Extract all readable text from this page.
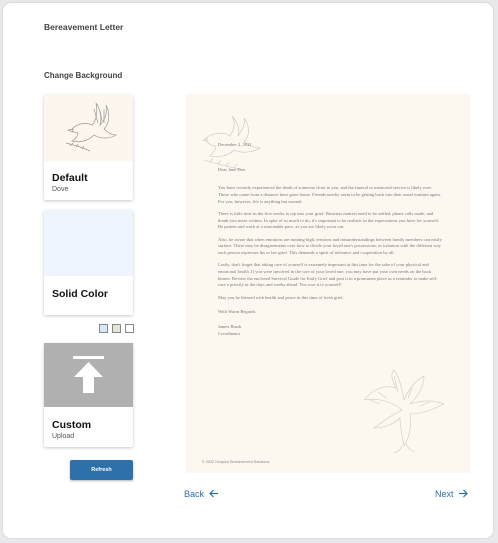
Bereavement Letter
Change Background
Default
Dove
Solid Color
Custom
Upload
Refresh

December 2, 2021

Dear Jane Doe,

You have recently experienced the death of someone close to you, and the funeral or memorial service is likely over. Those who came from a distance have gone home. Friends nearby seem to be getting back into their usual routines again. For you, however, life is anything but normal.

There is little time in the first weeks to tap into your grief. Business matters need to be settled, phone calls made, and thank-you notes written. In spite of so much to do, it's important to be realistic in the expectations you have for yourself. Be patient and work at a reasonable pace, as you are likely worn out.

Also, be aware that when emotions are running high, tensions and misunderstandings between family members can easily surface. There may be disagreements over how to divide your loved one's possessions, or irritation with the different way each person expresses his or her grief. This demands a spirit of tolerance and cooperation by all.

Lastly, don't forget that taking care of yourself is extremely important at this time for the sake of your physical and emotional health. If you were involved in the care of your loved one, you may have put your own needs on the back burner. Review the enclosed Survival Guide for Early Grief and post it in a prominent place as a reminder to make self-care a priority in the days and weeks ahead. You owe it to yourself!

May you be blessed with health and peace in this time of fresh grief.

With Warm Regards

James Brush
Coordinator
© 2022 Hospice Bereavement Solutions
Back	Next
